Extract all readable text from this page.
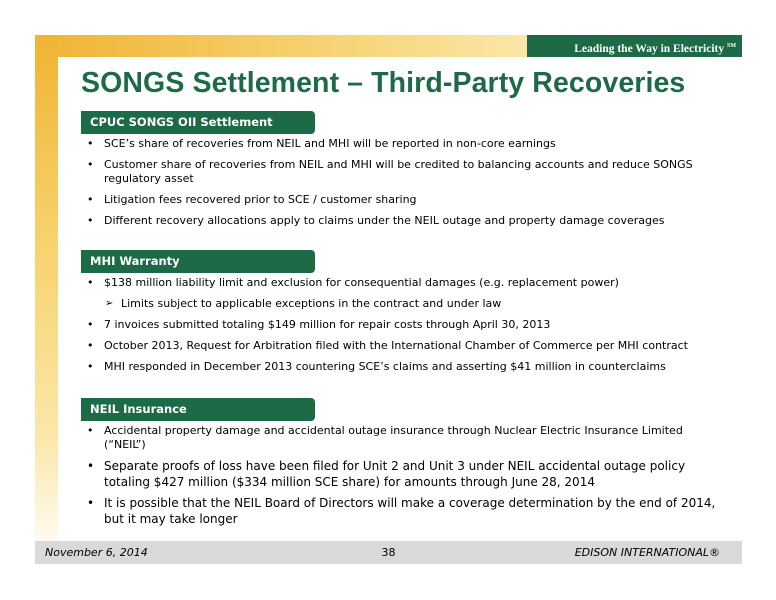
Leading the Way in Electricity ℠
SONGS Settlement – Third-Party Recoveries
CPUC SONGS OII Settlement
• SCE’s share of recoveries from NEIL and MHI will be reported in non-core earnings
• Customer share of recoveries from NEIL and MHI will be credited to balancing accounts and reduce SONGS regulatory asset
• Litigation fees recovered prior to SCE / customer sharing
• Different recovery allocations apply to claims under the NEIL outage and property damage coverages
MHI Warranty
• $138 million liability limit and exclusion for consequential damages (e.g. replacement power)
➢ Limits subject to applicable exceptions in the contract and under law
• 7 invoices submitted totaling $149 million for repair costs through April 30, 2013
• October 2013, Request for Arbitration filed with the International Chamber of Commerce per MHI contract
• MHI responded in December 2013 countering SCE’s claims and asserting $41 million in counterclaims
NEIL Insurance
• Accidental property damage and accidental outage insurance through Nuclear Electric Insurance Limited (“NEIL”)
• Separate proofs of loss have been filed for Unit 2 and Unit 3 under NEIL accidental outage policy totaling $427 million ($334 million SCE share) for amounts through June 28, 2014
• It is possible that the NEIL Board of Directors will make a coverage determination by the end of 2014, but it may take longer
November 6, 2014	38	EDISON INTERNATIONAL®
